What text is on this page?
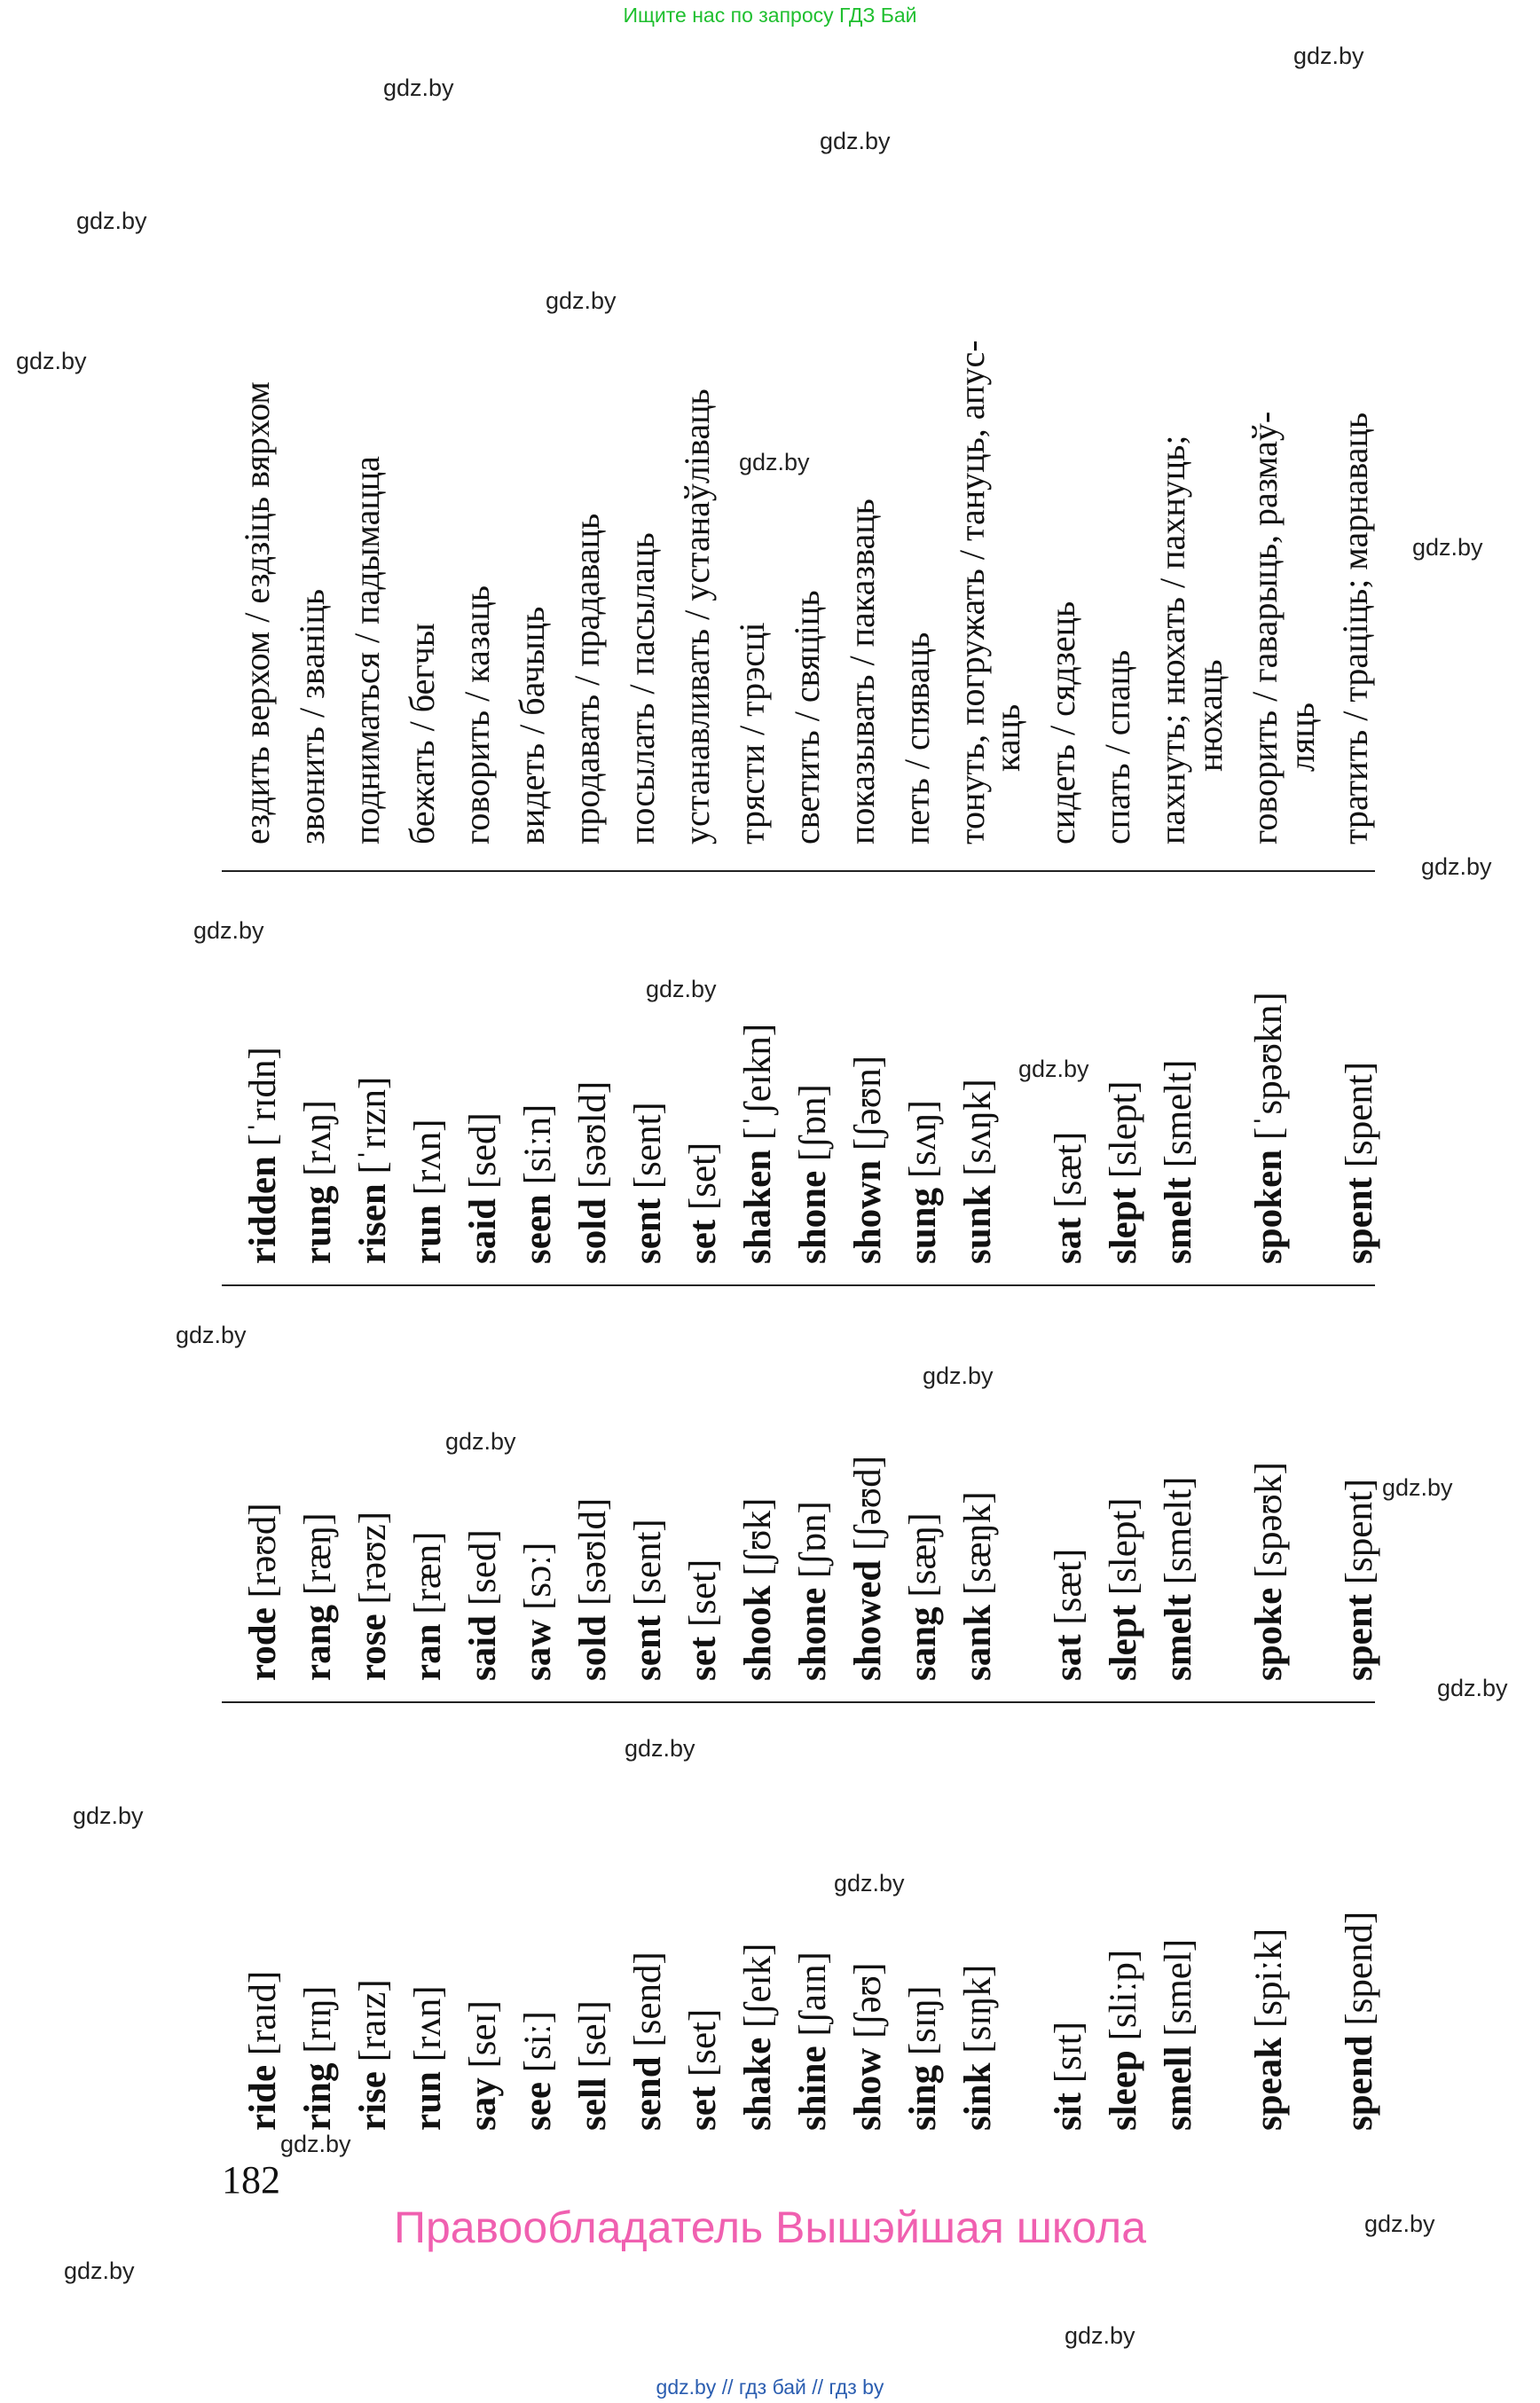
Ищите нас по запросу ГДЗ Бай
gdz.by
gdz.by
gdz.by
gdz.by
gdz.by
gdz.by
gdz.by
gdz.by
gdz.by
gdz.by
gdz.by
gdz.by
gdz.by
gdz.by
gdz.by
gdz.by
gdz.by
gdz.by
gdz.by
gdz.by
gdz.by
gdz.by
gdz.by
gdz.by
ездить верхом / ездзіць вярхом звонить / званіць подниматься / падымацца бежать / бегчы говорить / казаць видеть / бачыць продавать / прадаваць посылать / пасылаць устанавливать / устанаўліваць трясти / трэсці светить / свяціць показывать / паказваць петь / спяваць тонуть, погружать / тануць, апус-
каць сидеть / сядзець спать / спаць пахнуть; нюхать / пахнуць;
нюхаць говорить / гаварыць, размаў-
ляць тратить / траціць; марнаваць
ridden [ˈrɪdn]
rung [rʌŋ]
risen [ˈrɪzn]
run [rʌn]
said [sed]
seen [siːn]
sold [səʊld]
sent [sent]
set [set] shaken [ˈʃeɪkn]
shone [ʃɒn]
shown [ʃəʊn]
sung [sʌŋ]
sunk [sʌŋk]
sat [sæt]
slept [slept]
smelt [smelt]
spoken [ˈspəʊkn]
spent [spent]
rode [rəʊd]
rang [ræŋ]
rose [rəʊz]
ran [ræn]
said [sed]
saw [sɔː]
sold [səʊld]
sent [sent]
set [set] shook [ʃʊk]
shone [ʃɒn]
showed [ʃəʊd]
sang [sæŋ]
sank [sæŋk]
sat [sæt]
slept [slept]
smelt [smelt]
spoke [spəʊk]
spent [spent]
ride [raɪd]
ring [rɪŋ]
rise [raɪz]
run [rʌn]
say [seɪ]
see [siː]
sell [sel]
send [send]
set [set] shake [ʃeɪk]
shine [ʃaɪn]
show [ʃəʊ]
sing [sɪŋ]
sink [sɪŋk]
sit [sɪt] sleep [sliːp]
smell [smel]
speak [spiːk]
spend [spend]
182
Правообладатель Вышэйшая школа
gdz.by // гдз бай // гдз by
